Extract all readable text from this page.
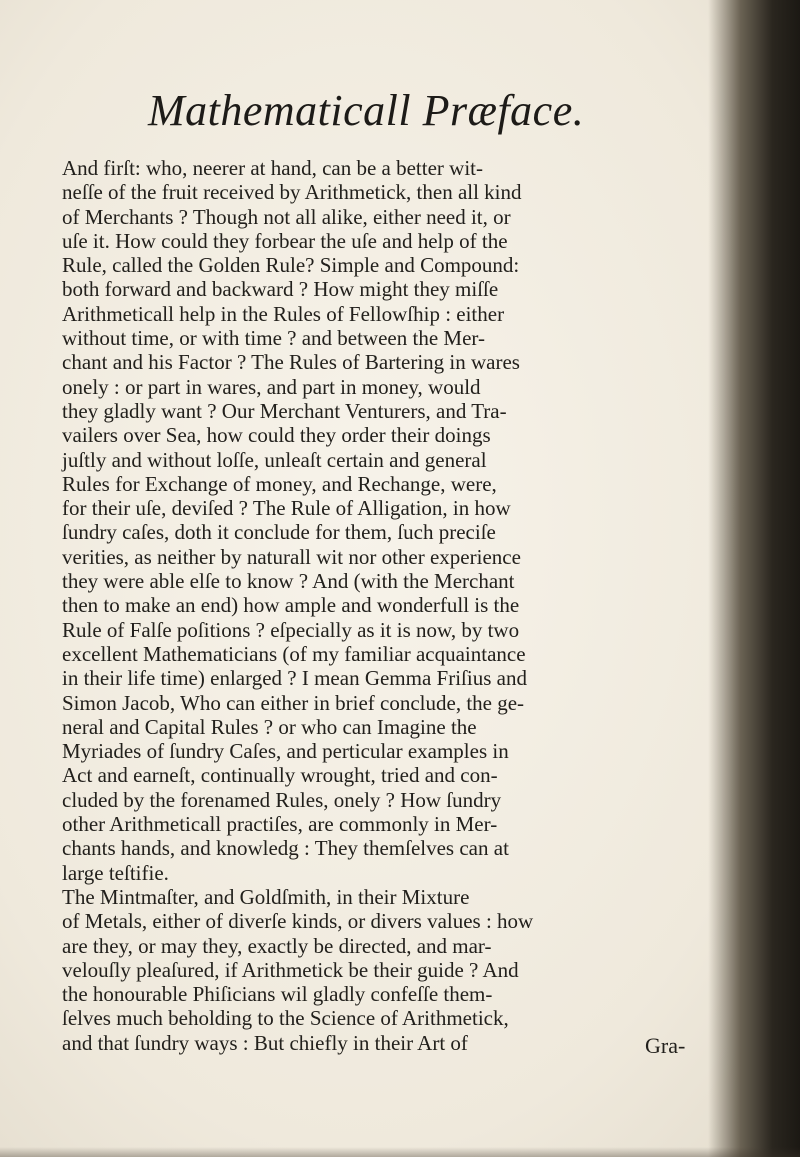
Mathematicall Præface.
And firſt: who, neerer at hand, can be a better wit-
neſſe of the fruit received by Arithmetick, then all kind
of Merchants ? Though not all alike, either need it, or
uſe it. How could they forbear the uſe and help of the
Rule, called the Golden Rule? Simple and Compound:
both forward and backward ? How might they miſſe
Arithmeticall help in the Rules of Fellowſhip : either
without time, or with time ? and between the Mer-
chant and his Factor ? The Rules of Bartering in wares
onely : or part in wares, and part in money, would
they gladly want ? Our Merchant Venturers, and Tra-
vailers over Sea, how could they order their doings
juſtly and without loſſe, unleaſt certain and general
Rules for Exchange of money, and Rechange, were,
for their uſe, deviſed ? The Rule of Alligation, in how
ſundry caſes, doth it conclude for them, ſuch preciſe
verities, as neither by naturall wit nor other experience
they were able elſe to know ? And (with the Merchant
then to make an end) how ample and wonderfull is the
Rule of Falſe poſitions ? eſpecially as it is now, by two
excellent Mathematicians (of my familiar acquaintance
in their life time) enlarged ? I mean Gemma Friſius and
Simon Jacob, Who can either in brief conclude, the ge-
neral and Capital Rules ? or who can Imagine the
Myriades of ſundry Caſes, and perticular examples in
Act and earneſt, continually wrought, tried and con-
cluded by the forenamed Rules, onely ? How ſundry
other Arithmeticall practiſes, are commonly in Mer-
chants hands, and knowledg : They themſelves can at
large teſtifie.
The Mintmaſter, and Goldſmith, in their Mixture
of Metals, either of diverſe kinds, or divers values : how
are they, or may they, exactly be directed, and mar-
velouſly pleaſured, if Arithmetick be their guide ? And
the honourable Phiſicians wil gladly confeſſe them-
ſelves much beholding to the Science of Arithmetick,
and that ſundry ways : But chiefly in their Art of	Gra-
